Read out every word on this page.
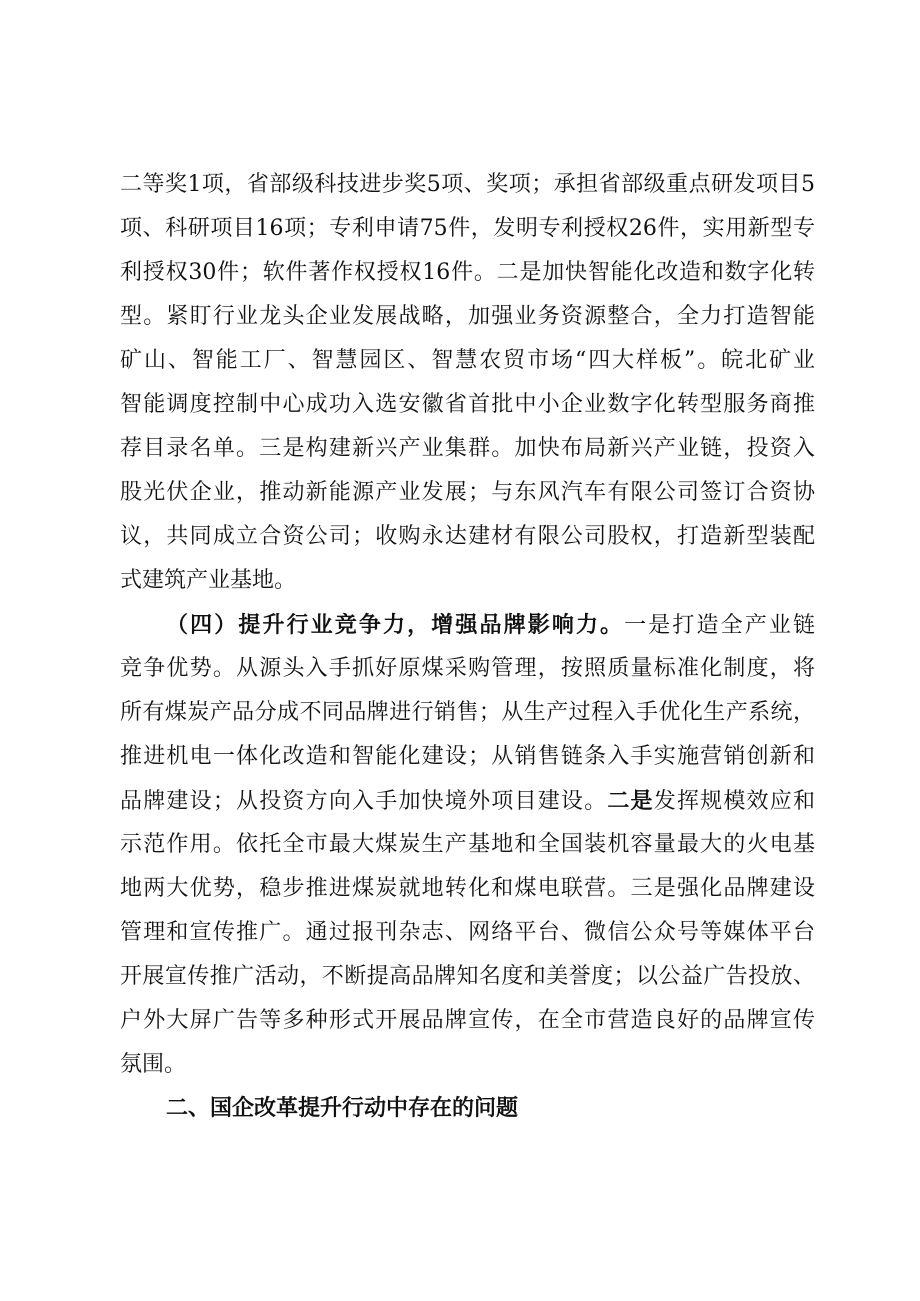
二等奖1项，省部级科技进步奖5项、奖项；承担省部级重点研发项目5
项、科研项目16项；专利申请75件，发明专利授权26件，实用新型专
利授权30件；软件著作权授权16件。二是加快智能化改造和数字化转
型。紧盯行业龙头企业发展战略，加强业务资源整合，全力打造智能
矿山、智能工厂、智慧园区、智慧农贸市场“四大样板”。皖北矿业
智能调度控制中心成功入选安徽省首批中小企业数字化转型服务商推
荐目录名单。三是构建新兴产业集群。加快布局新兴产业链，投资入
股光伏企业，推动新能源产业发展；与东风汽车有限公司签订合资协
议，共同成立合资公司；收购永达建材有限公司股权，打造新型装配
式建筑产业基地。
（四）提升行业竞争力，增强品牌影响力。一是打造全产业链
竞争优势。从源头入手抓好原煤采购管理，按照质量标准化制度，将
所有煤炭产品分成不同品牌进行销售；从生产过程入手优化生产系统，
推进机电一体化改造和智能化建设；从销售链条入手实施营销创新和
品牌建设；从投资方向入手加快境外项目建设。二是发挥规模效应和
示范作用。依托全市最大煤炭生产基地和全国装机容量最大的火电基
地两大优势，稳步推进煤炭就地转化和煤电联营。三是强化品牌建设
管理和宣传推广。通过报刊杂志、网络平台、微信公众号等媒体平台
开展宣传推广活动，不断提高品牌知名度和美誉度；以公益广告投放、
户外大屏广告等多种形式开展品牌宣传，在全市营造良好的品牌宣传
氛围。
二、国企改革提升行动中存在的问题
